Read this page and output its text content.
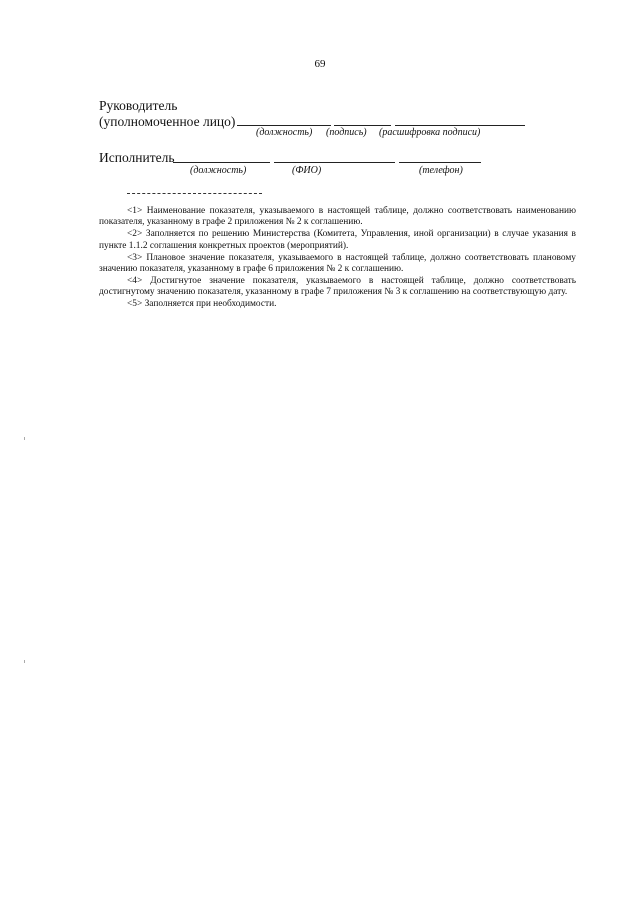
69
Руководитель
(уполномоченное лицо)
(должность) (подпись) (расшифровка подписи)
Исполнитель
(должность)	(ФИО)	(телефон)

<1> Наименование показателя, указываемого в настоящей таблице, должно соответствовать наименованию показателя, указанному в графе 2 приложения № 2 к соглашению.

<2> Заполняется по решению Министерства (Комитета, Управления, иной организации) в случае указания в пункте 1.1.2 соглашения конкретных проектов (мероприятий).

<3> Плановое значение показателя, указываемого в настоящей таблице, должно соответствовать плановому значению показателя, указанному в графе 6 приложения № 2 к соглашению.

<4> Достигнутое значение показателя, указываемого в настоящей таблице, должно соответствовать достигнутому значению показателя, указанному в графе 7 приложения № 3 к соглашению на соответствующую дату.

<5> Заполняется при необходимости.
